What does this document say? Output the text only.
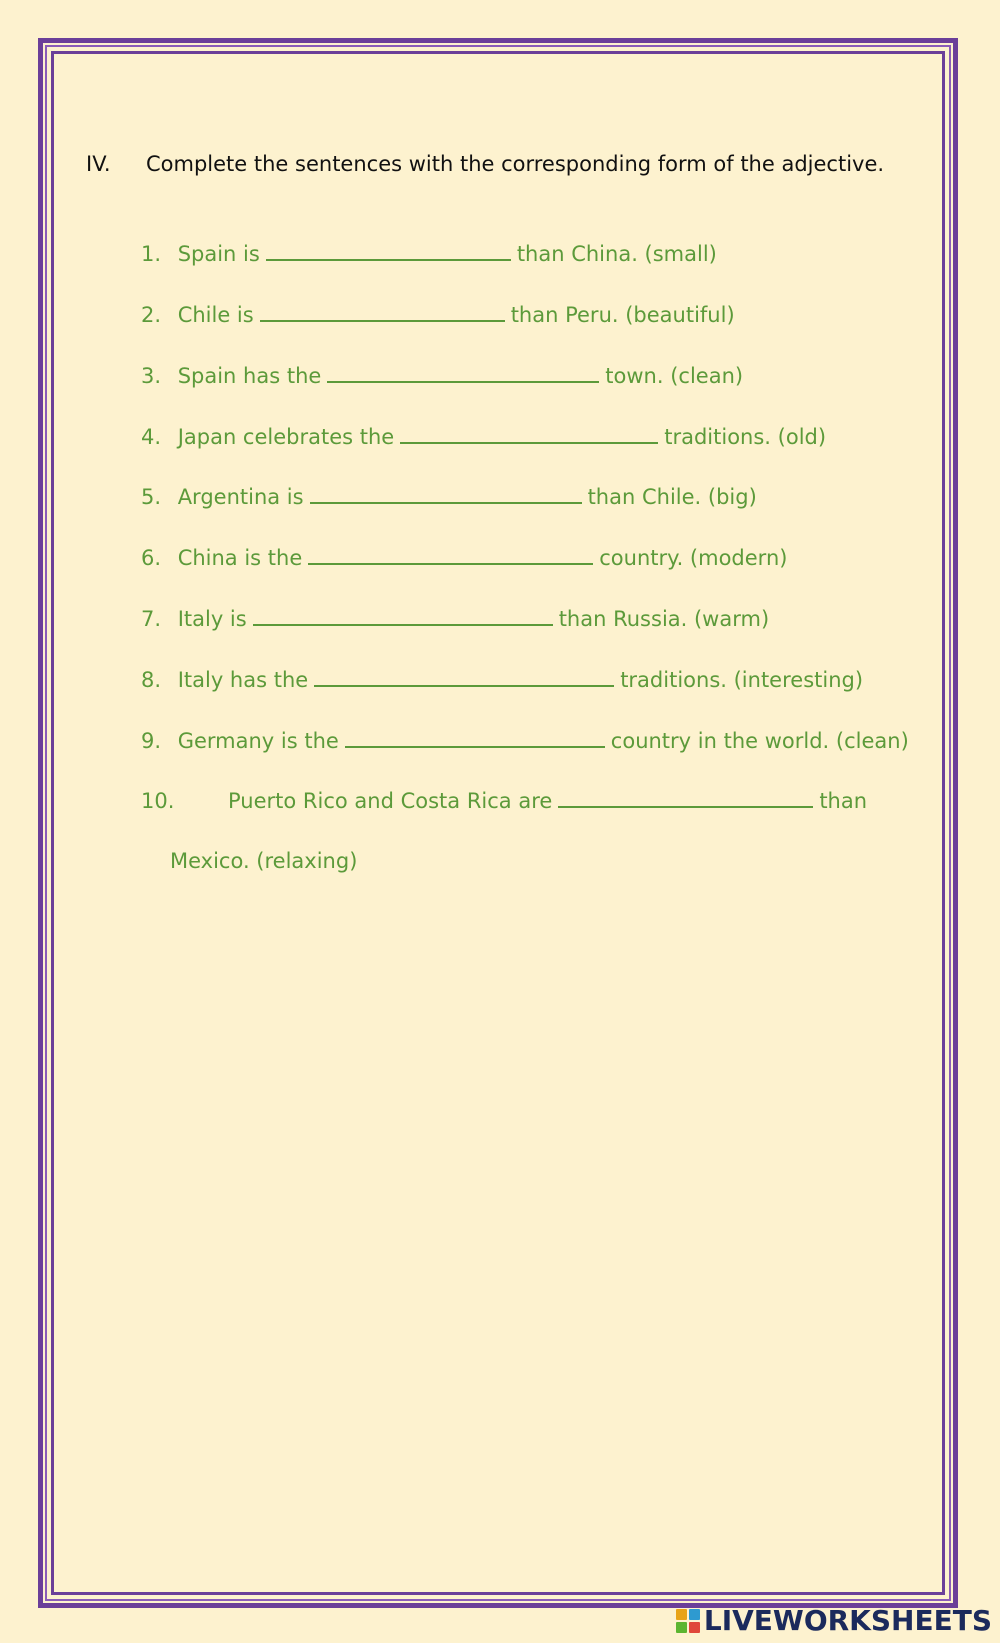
IV. Complete the sentences with the corresponding form of the adjective.
1. Spain is	than China. (small)
2. Chile is	than Peru. (beautiful)
3. Spain has the	town. (clean)
4. Japan celebrates the	traditions. (old)
5. Argentina is	than Chile. (big)
6. China is the	country. (modern)
7. Italy is	than Russia. (warm)
8. Italy has the	traditions. (interesting)
9. Germany is the	country in the world. (clean)
10.	Puerto Rico and Costa Rica are	than
Mexico. (relaxing)
LIVEWORKSHEETS
